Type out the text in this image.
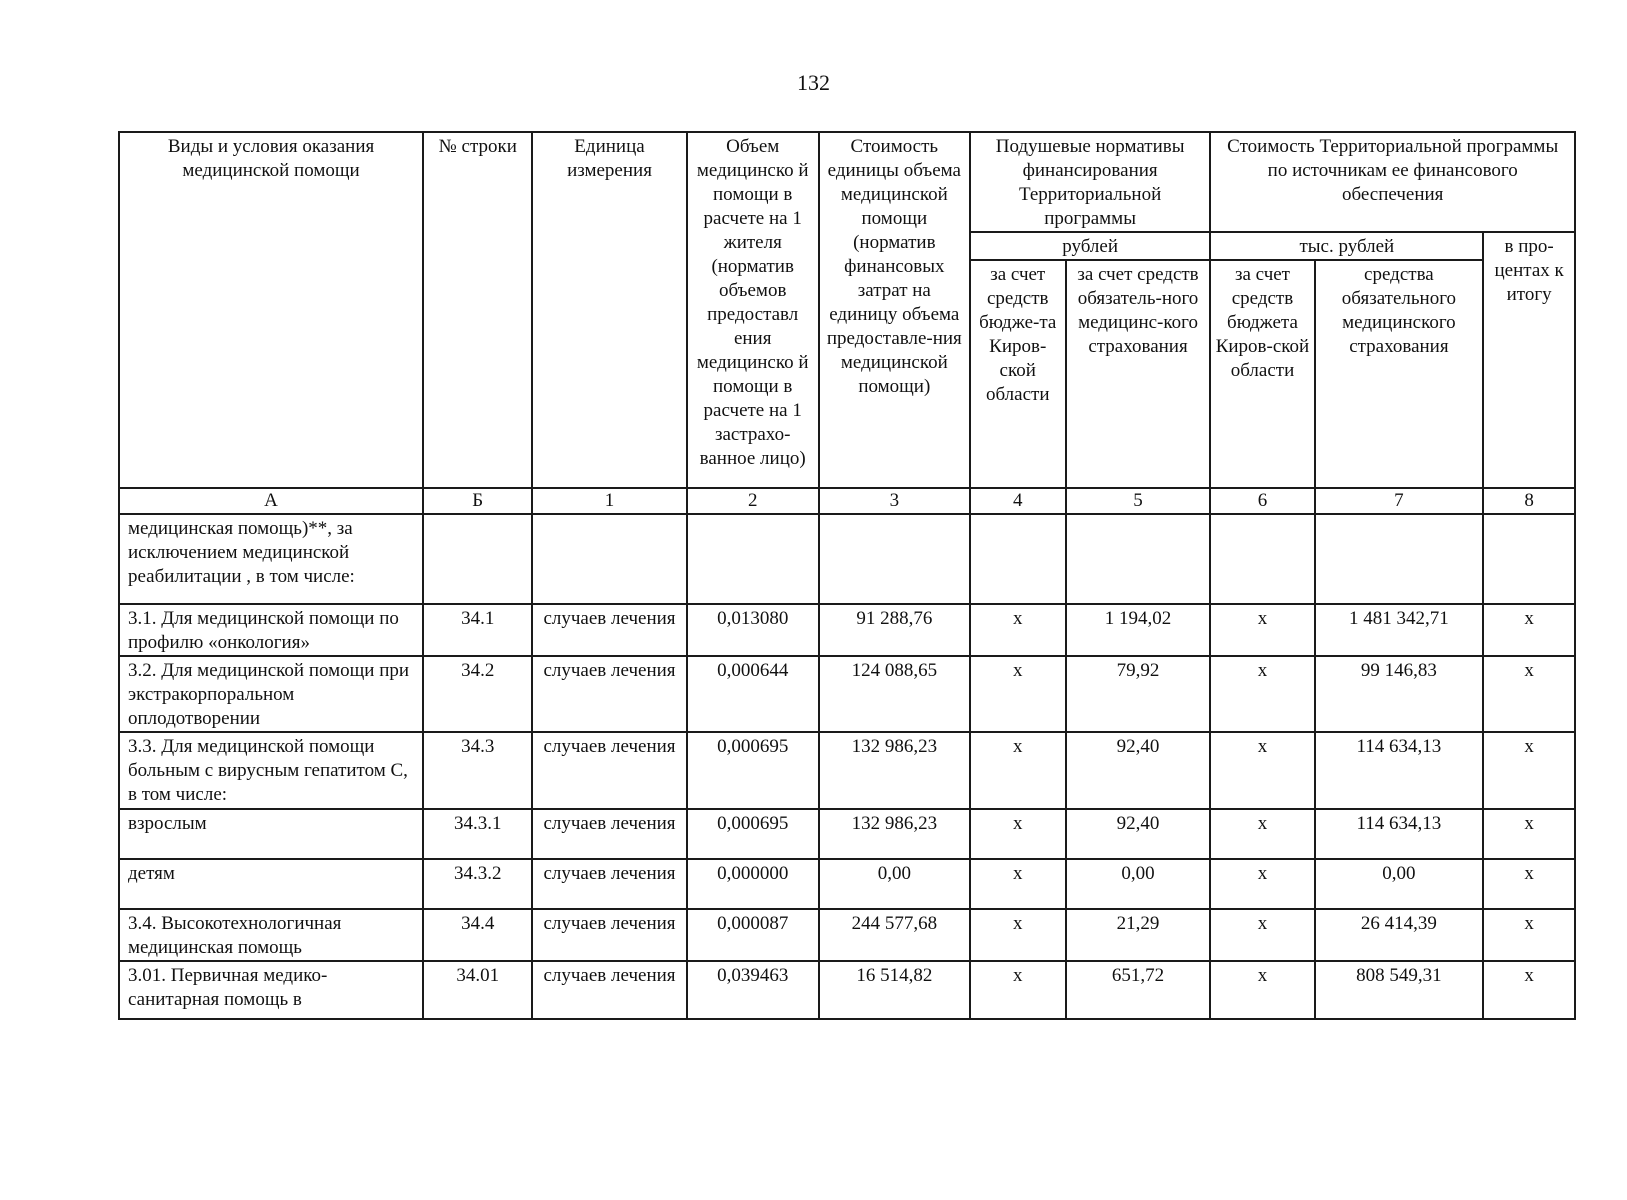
132
Виды и условия оказания медицинской помощи	№ строки	Единица измерения	Объем медицинско й помощи в расчете на 1 жителя (норматив объемов предоставл ения медицинско й помощи в расчете на 1 застрахо-ванное лицо)	Стоимость единицы объема медицинской помощи (норматив финансовых затрат на единицу объема предоставле-ния медицинской помощи)	Подушевые нормативы финансирования Территориальной программы		Стоимость Территориальной программы по источникам ее финансового обеспечения		
					рублей		тыс. рублей		в про-центах к итогу
					за счет средств бюдже-та Киров-ской области	за счет средств обязатель-ного медицинс-кого страхования	за счет средств бюджета Киров-ской области	средства обязательного медицинского страхования	
А	Б	1	2	3	4	5	6	7	8
медицинская помощь)**, за исключением медицинской реабилитации , в том числе:									
3.1. Для медицинской помощи по профилю «онкология»	34.1	случаев лечения	0,013080	91 288,76	х	1 194,02	х	1 481 342,71	х
3.2. Для медицинской помощи при экстракорпоральном оплодотворении	34.2	случаев лечения	0,000644	124 088,65	х	79,92	х	99 146,83	х
3.3. Для медицинской помощи больным с вирусным гепатитом С, в том числе:	34.3	случаев лечения	0,000695	132 986,23	х	92,40	х	114 634,13	х
взрослым	34.3.1	случаев лечения	0,000695	132 986,23	х	92,40	х	114 634,13	х
детям	34.3.2	случаев лечения	0,000000	0,00	х	0,00	х	0,00	х
3.4. Высокотехнологичная медицинская помощь	34.4	случаев лечения	0,000087	244 577,68	х	21,29	х	26 414,39	х
3.01. Первичная медико-санитарная помощь в	34.01	случаев лечения	0,039463	16 514,82	х	651,72	х	808 549,31	х
